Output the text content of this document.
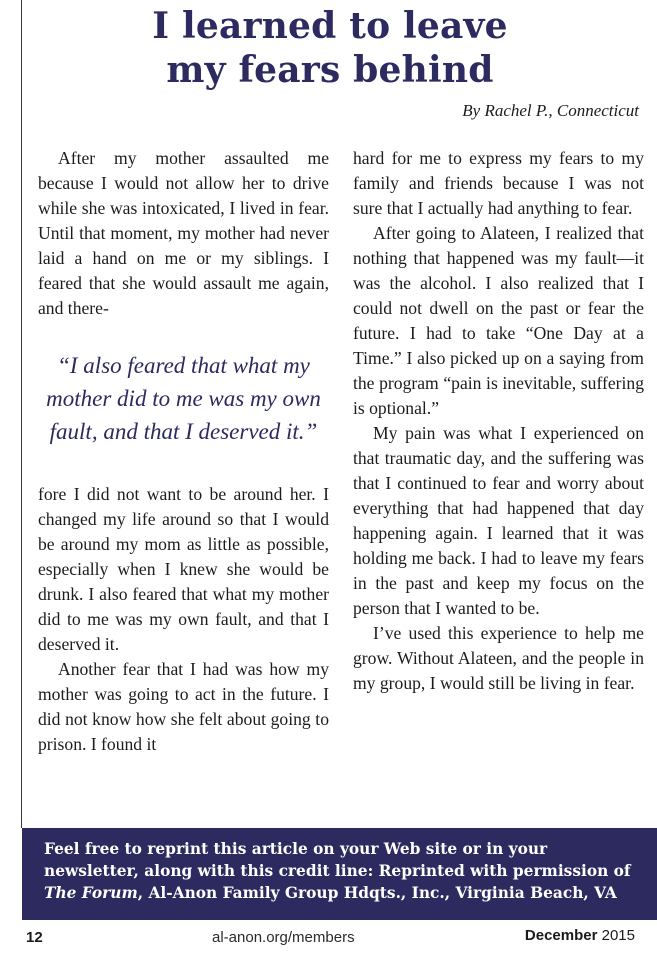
I learned to leave
my fears behind
By Rachel P., Connecticut

After my mother assaulted me because I would not allow her to drive while she was intoxicated, I lived in fear. Until that moment, my mother had never laid a hand on me or my siblings. I feared that she would assault me again, and there-

“I also feared that what my mother did to me was my own fault, and that I deserved it.”

fore I did not want to be around her. I changed my life around so that I would be around my mom as little as possible, especially when I knew she would be drunk. I also feared that what my mother did to me was my own fault, and that I deserved it.

Another fear that I had was how my mother was going to act in the future. I did not know how she felt about going to prison. I found it

hard for me to express my fears to my family and friends because I was not sure that I actually had anything to fear.

After going to Alateen, I realized that nothing that happened was my fault—it was the alcohol. I also realized that I could not dwell on the past or fear the future. I had to take “One Day at a Time.” I also picked up on a saying from the program “pain is inevitable, suffering is optional.”

My pain was what I experienced on that traumatic day, and the suffering was that I continued to fear and worry about everything that had happened that day happening again. I learned that it was holding me back. I had to leave my fears in the past and keep my focus on the person that I wanted to be.

I’ve used this experience to help me grow. Without Alateen, and the people in my group, I would still be living in fear.

Feel free to reprint this article on your Web site or in your newsletter, along with this credit line: Reprinted with permission of The Forum, Al-Anon Family Group Hdqts., Inc., Virginia Beach, VA
12	al-anon.org/members	December 2015
